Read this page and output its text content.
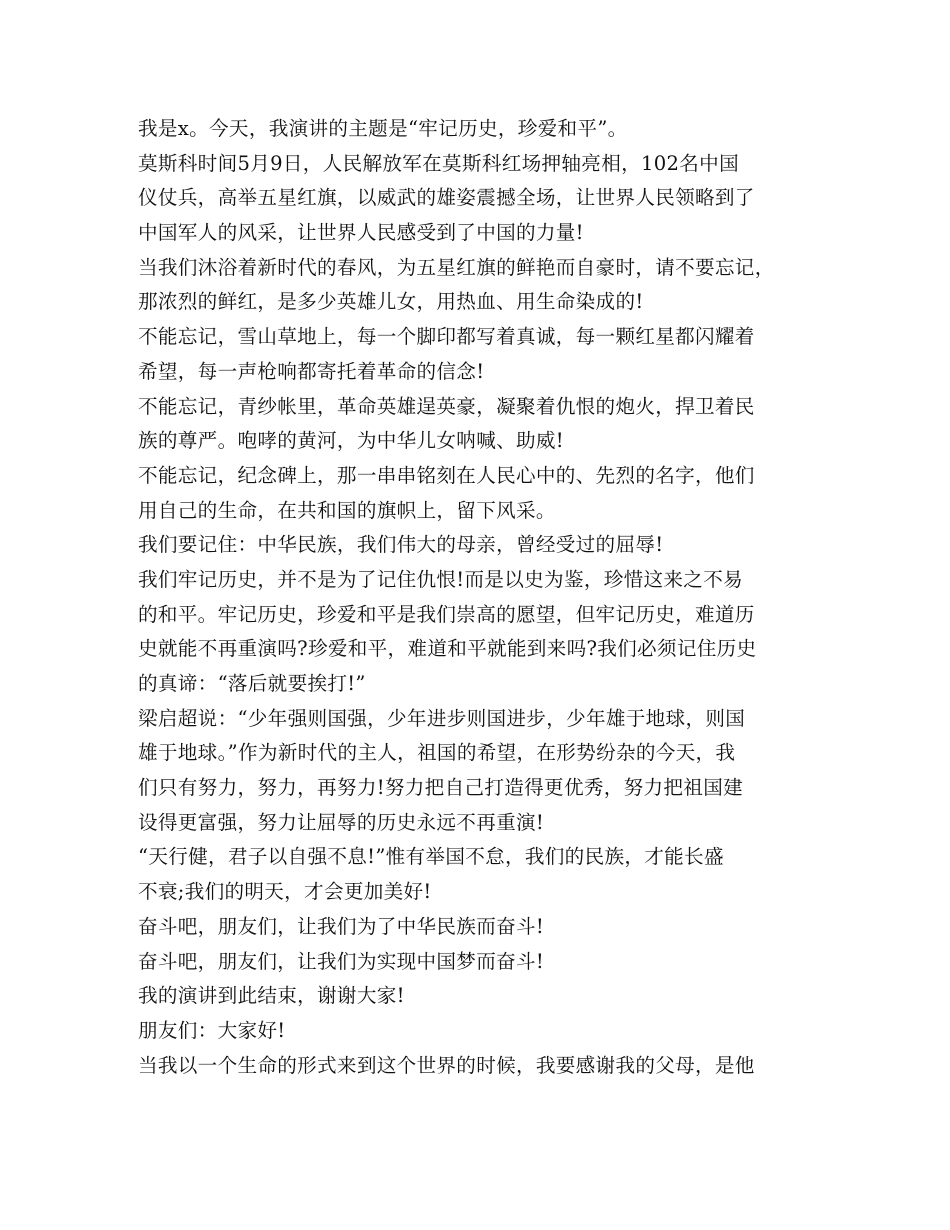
我是x。今天，我演讲的主题是“牢记历史，珍爱和平”。
莫斯科时间5月9日，人民解放军在莫斯科红场押轴亮相，102名中国
仪仗兵，高举五星红旗，以威武的雄姿震撼全场，让世界人民领略到了
中国军人的风采，让世界人民感受到了中国的力量!
当我们沐浴着新时代的春风，为五星红旗的鲜艳而自豪时，请不要忘记，
那浓烈的鲜红，是多少英雄儿女，用热血、用生命染成的!
不能忘记，雪山草地上，每一个脚印都写着真诚，每一颗红星都闪耀着
希望，每一声枪响都寄托着革命的信念!
不能忘记，青纱帐里，革命英雄逞英豪，凝聚着仇恨的炮火，捍卫着民
族的尊严。咆哮的黄河，为中华儿女呐喊、助威!
不能忘记，纪念碑上，那一串串铭刻在人民心中的、先烈的名字，他们
用自己的生命，在共和国的旗帜上，留下风采。
我们要记住：中华民族，我们伟大的母亲，曾经受过的屈辱!
我们牢记历史，并不是为了记住仇恨!而是以史为鉴，珍惜这来之不易
的和平。牢记历史，珍爱和平是我们崇高的愿望，但牢记历史，难道历
史就能不再重演吗?珍爱和平，难道和平就能到来吗?我们必须记住历史
的真谛：“落后就要挨打!”
梁启超说：“少年强则国强，少年进步则国进步，少年雄于地球，则国
雄于地球。”作为新时代的主人，祖国的希望，在形势纷杂的今天，我
们只有努力，努力，再努力!努力把自己打造得更优秀，努力把祖国建
设得更富强，努力让屈辱的历史永远不再重演!
“天行健，君子以自强不息!”惟有举国不怠，我们的民族，才能长盛
不衰;我们的明天，才会更加美好!
奋斗吧，朋友们，让我们为了中华民族而奋斗!
奋斗吧，朋友们，让我们为实现中国梦而奋斗!
我的演讲到此结束，谢谢大家!
朋友们：大家好!
当我以一个生命的形式来到这个世界的时候，我要感谢我的父母，是他
